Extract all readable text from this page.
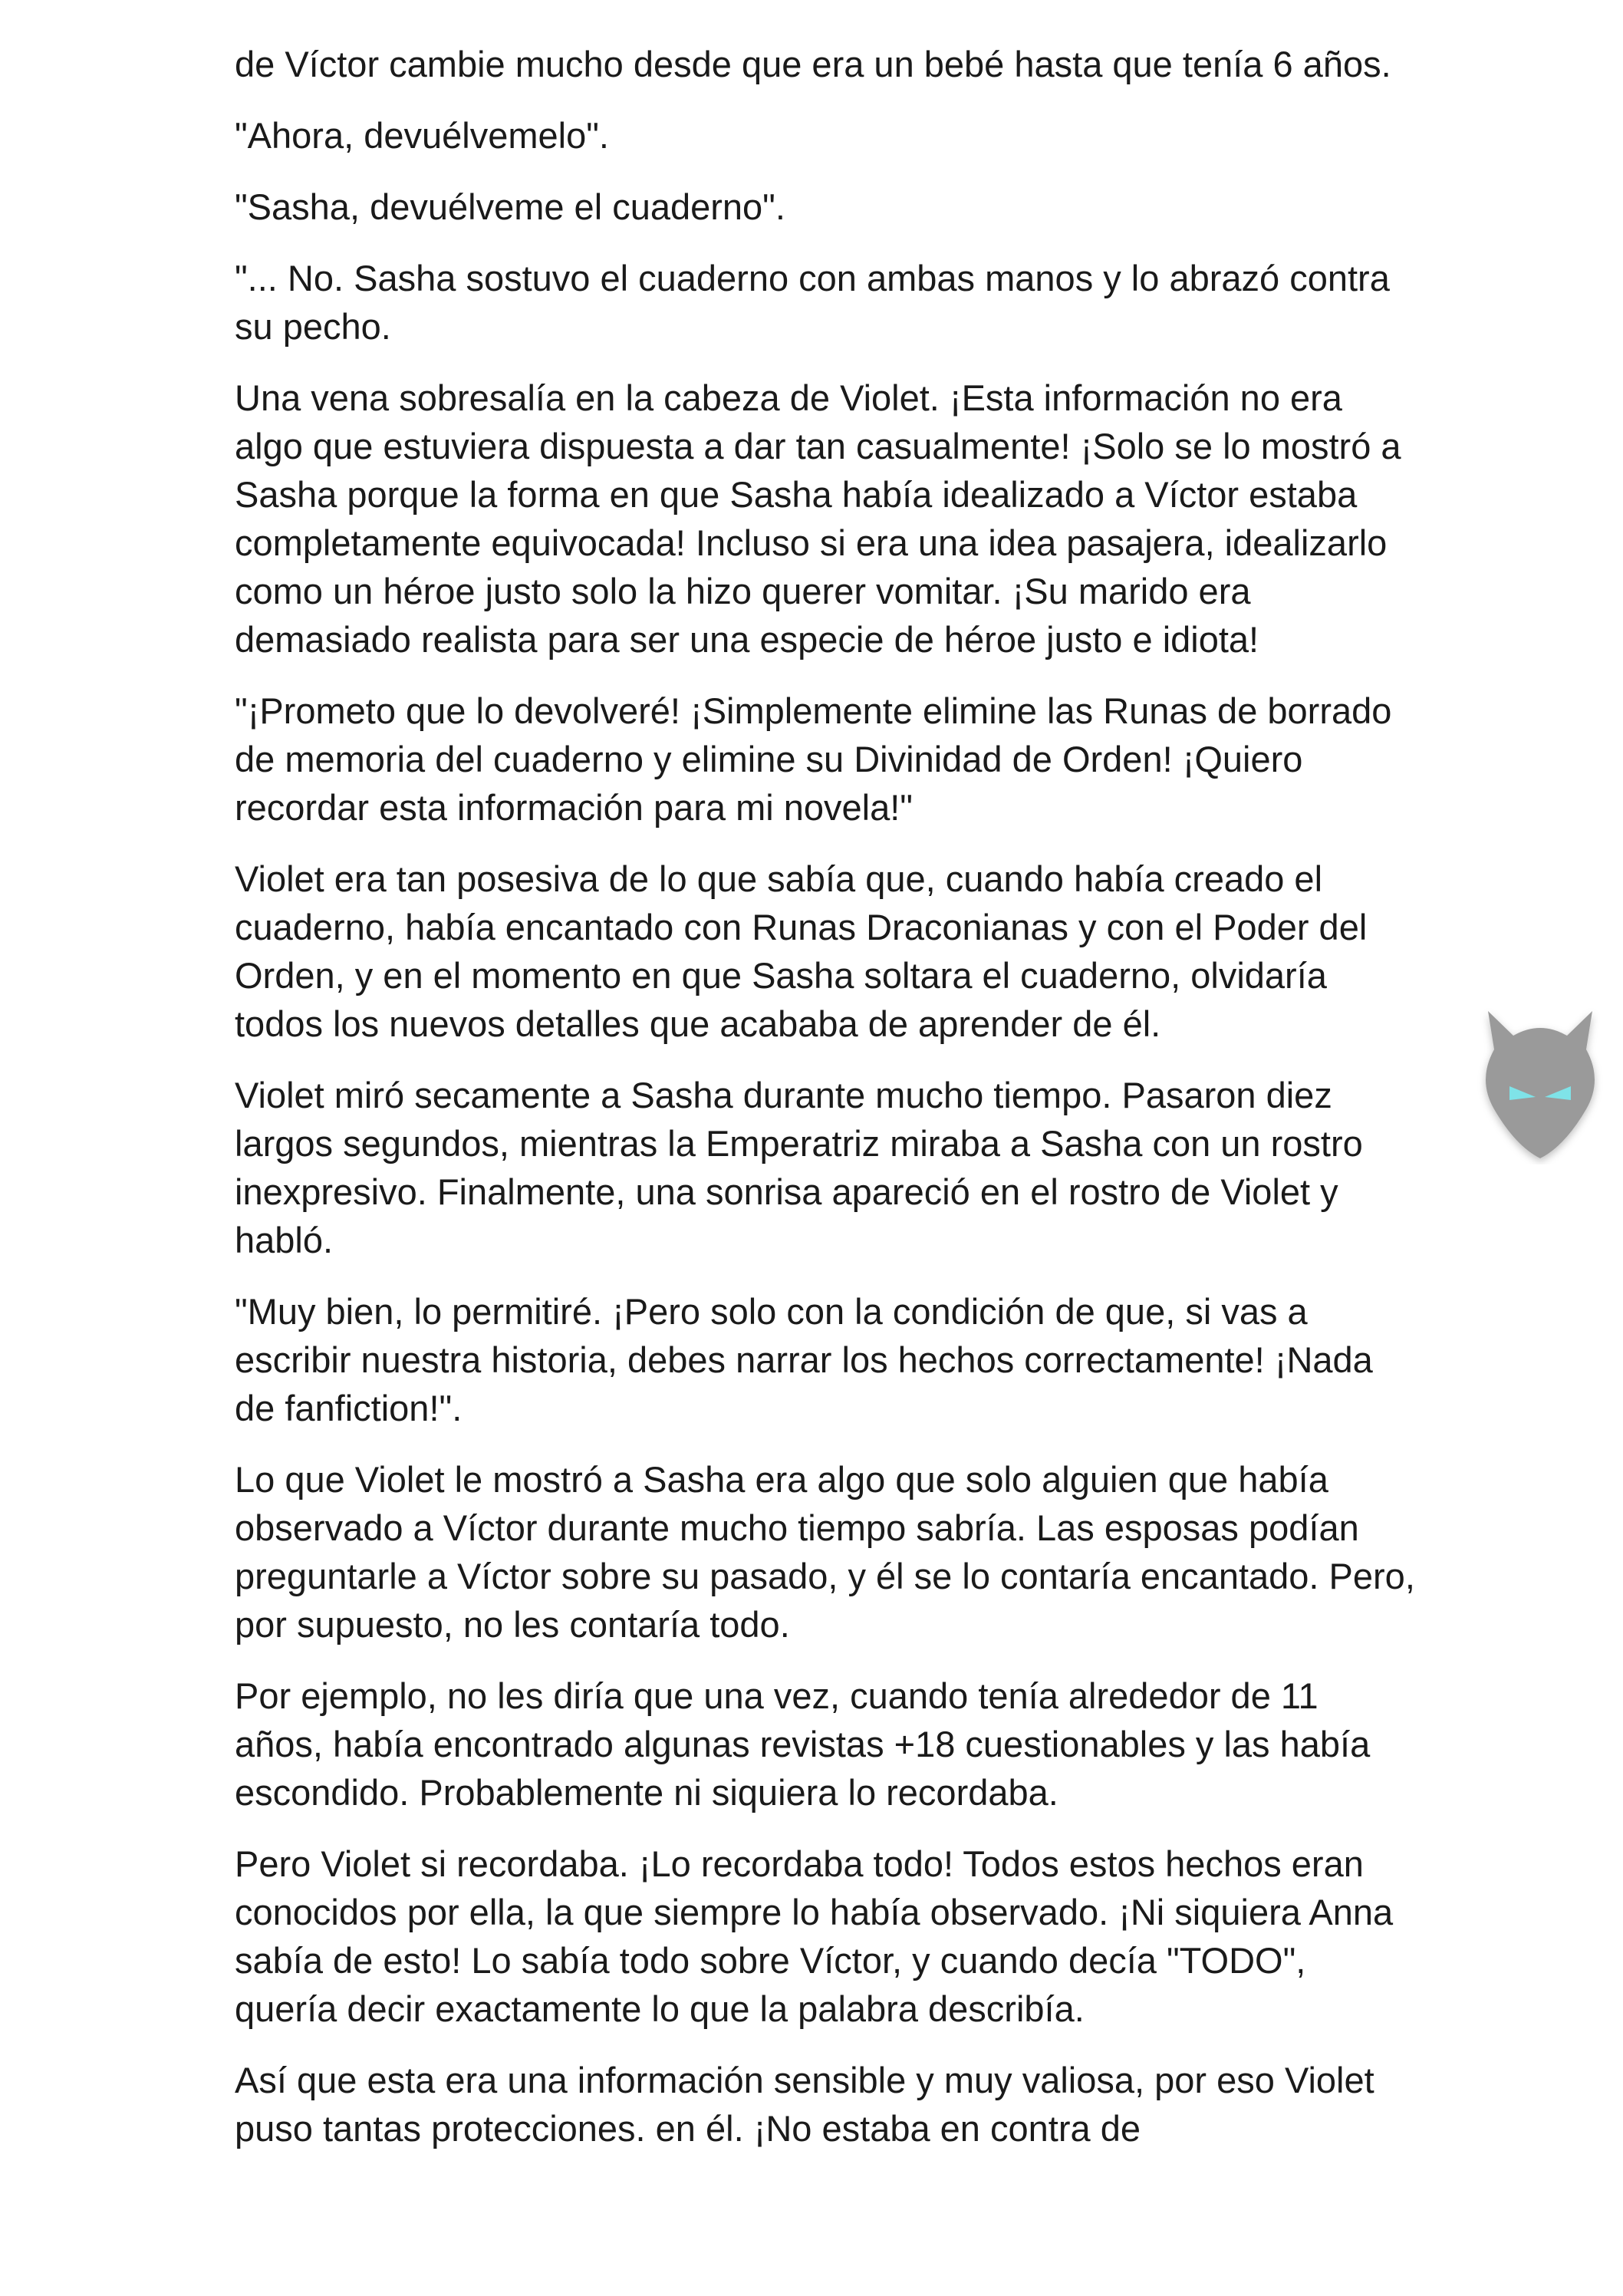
de Víctor cambie mucho desde que era un bebé hasta que tenía 6 años.

"Ahora, devuélvemelo".

"Sasha, devuélveme el cuaderno".

"... No. Sasha sostuvo el cuaderno con ambas manos y lo abrazó contra su pecho.

Una vena sobresalía en la cabeza de Violet. ¡Esta información no era algo que estuviera dispuesta a dar tan casualmente! ¡Solo se lo mostró a Sasha porque la forma en que Sasha había idealizado a Víctor estaba completamente equivocada! Incluso si era una idea pasajera, idealizarlo como un héroe justo solo la hizo querer vomitar. ¡Su marido era demasiado realista para ser una especie de héroe justo e idiota!

"¡Prometo que lo devolveré! ¡Simplemente elimine las Runas de borrado de memoria del cuaderno y elimine su Divinidad de Orden! ¡Quiero recordar esta información para mi novela!"

Violet era tan posesiva de lo que sabía que, cuando había creado el cuaderno, había encantado con Runas Draconianas y con el Poder del Orden, y en el momento en que Sasha soltara el cuaderno, olvidaría todos los nuevos detalles que acababa de aprender de él.

Violet miró secamente a Sasha durante mucho tiempo. Pasaron diez largos segundos, mientras la Emperatriz miraba a Sasha con un rostro inexpresivo. Finalmente, una sonrisa apareció en el rostro de Violet y habló.

"Muy bien, lo permitiré. ¡Pero solo con la condición de que, si vas a escribir nuestra historia, debes narrar los hechos correctamente! ¡Nada de fanfiction!".

Lo que Violet le mostró a Sasha era algo que solo alguien que había observado a Víctor durante mucho tiempo sabría. Las esposas podían preguntarle a Víctor sobre su pasado, y él se lo contaría encantado. Pero, por supuesto, no les contaría todo.

Por ejemplo, no les diría que una vez, cuando tenía alrededor de 11 años, había encontrado algunas revistas +18 cuestionables y las había escondido. Probablemente ni siquiera lo recordaba.

Pero Violet si recordaba. ¡Lo recordaba todo! Todos estos hechos eran conocidos por ella, la que siempre lo había observado. ¡Ni siquiera Anna sabía de esto! Lo sabía todo sobre Víctor, y cuando decía "TODO", quería decir exactamente lo que la palabra describía.

Así que esta era una información sensible y muy valiosa, por eso Violet puso tantas protecciones. en él. ¡No estaba en contra de
